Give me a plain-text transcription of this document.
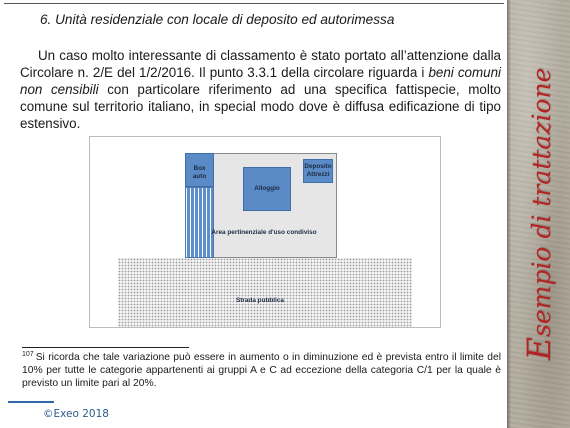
6. Unità residenziale con locale di deposito ed autorimessa
Un caso molto interessante di classamento è stato portato all’attenzione dalla Circolare n. 2/E del 1/2/2016. Il punto 3.3.1 della circolare riguarda i beni comuni non censibili con particolare riferimento ad una specifica fattispecie, molto comune sul territorio italiano, in special modo dove è diffusa edificazione di tipo estensivo.
Box auto
Alloggio
Deposito Attrezzi
Area pertinenziale d'uso condiviso
Strada pubblica
$^{107}$ Si ricorda che tale variazione può essere in aumento o in diminuzione ed è prevista entro il limite del 10% per tutte le categorie appartenenti ai gruppi A e C ad eccezione della categoria C/1 per la quale è previsto un limite pari al 20%.
©Exeo 2018
Esempio di trattazione
